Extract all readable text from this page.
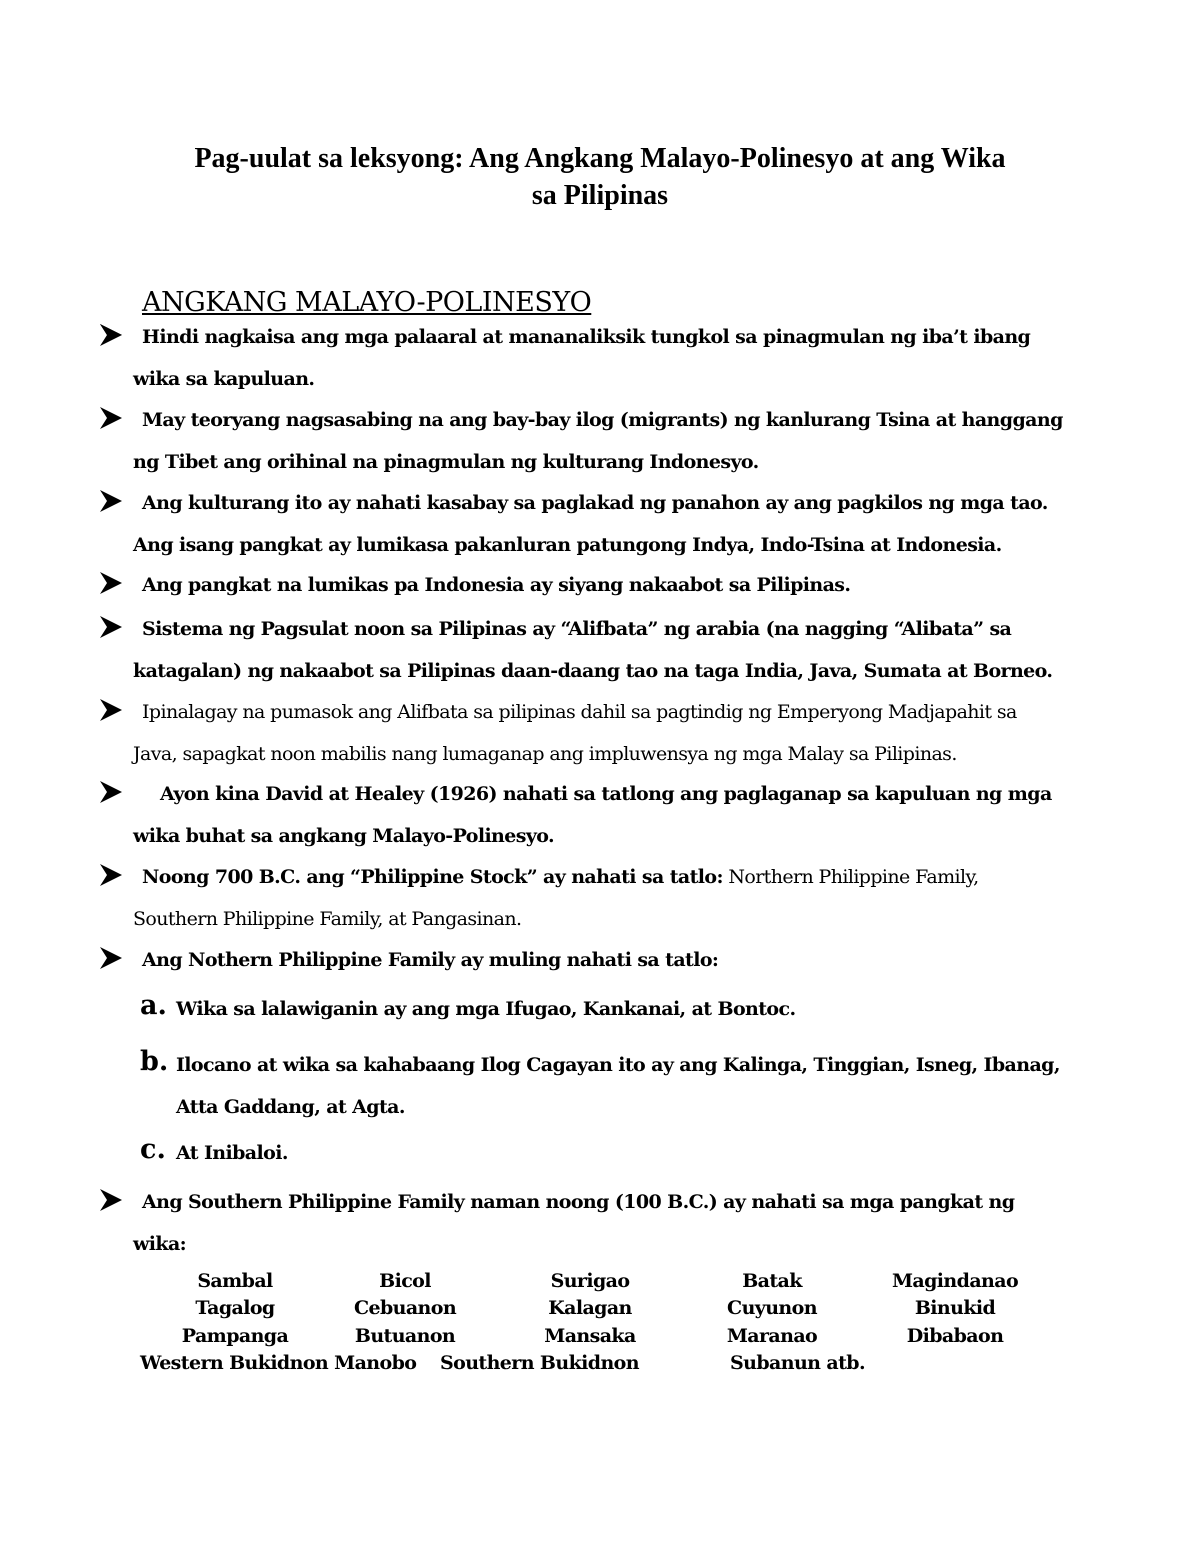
Pag-uulat sa leksyong: Ang Angkang Malayo-Polinesyo at ang Wika
sa Pilipinas
ANGKANG MALAYO-POLINESYO
Hindi nagkaisa ang mga palaaral at mananaliksik tungkol sa pinagmulan ng iba’t ibang
wika sa kapuluan.
May teoryang nagsasabing na ang bay-bay ilog (migrants) ng kanlurang Tsina at hanggang
ng Tibet ang orihinal na pinagmulan ng kulturang Indonesyo.
Ang kulturang ito ay nahati kasabay sa paglakad ng panahon ay ang pagkilos ng mga tao.
Ang isang pangkat ay lumikasa pakanluran patungong Indya, Indo-Tsina at Indonesia.
Ang pangkat na lumikas pa Indonesia ay siyang nakaabot sa Pilipinas.
Sistema ng Pagsulat noon sa Pilipinas ay “Alifbata” ng arabia (na nagging “Alibata” sa
katagalan) ng nakaabot sa Pilipinas daan-daang tao na taga India, Java, Sumata at Borneo.
Ipinalagay na pumasok ang Alifbata sa pilipinas dahil sa pagtindig ng Emperyong Madjapahit sa
Java, sapagkat noon mabilis nang lumaganap ang impluwensya ng mga Malay sa Pilipinas.
Ayon kina David at Healey (1926) nahati sa tatlong ang paglaganap sa kapuluan ng mga
wika buhat sa angkang Malayo-Polinesyo.
Noong 700 B.C. ang “Philippine Stock” ay nahati sa tatlo: Northern Philippine Family,
Southern Philippine Family, at Pangasinan.
Ang Nothern Philippine Family ay muling nahati sa tatlo:
a. Wika sa lalawiganin ay ang mga Ifugao, Kankanai, at Bontoc.
b. Ilocano at wika sa kahabaang Ilog Cagayan ito ay ang Kalinga, Tinggian, Isneg, Ibanag,
Atta Gaddang, at Agta.
c. At Inibaloi.
Ang Southern Philippine Family naman noong (100 B.C.) ay nahati sa mga pangkat ng
wika:
Sambal	Bicol	Surigao	Batak	Magindanao
Tagalog	Cebuanon	Kalagan	Cuyunon	Binukid
Pampanga	Butuanon	Mansaka	Maranao	Dibabaon
Western Bukidnon Manobo	Southern Bukidnon	Subanun atb.
